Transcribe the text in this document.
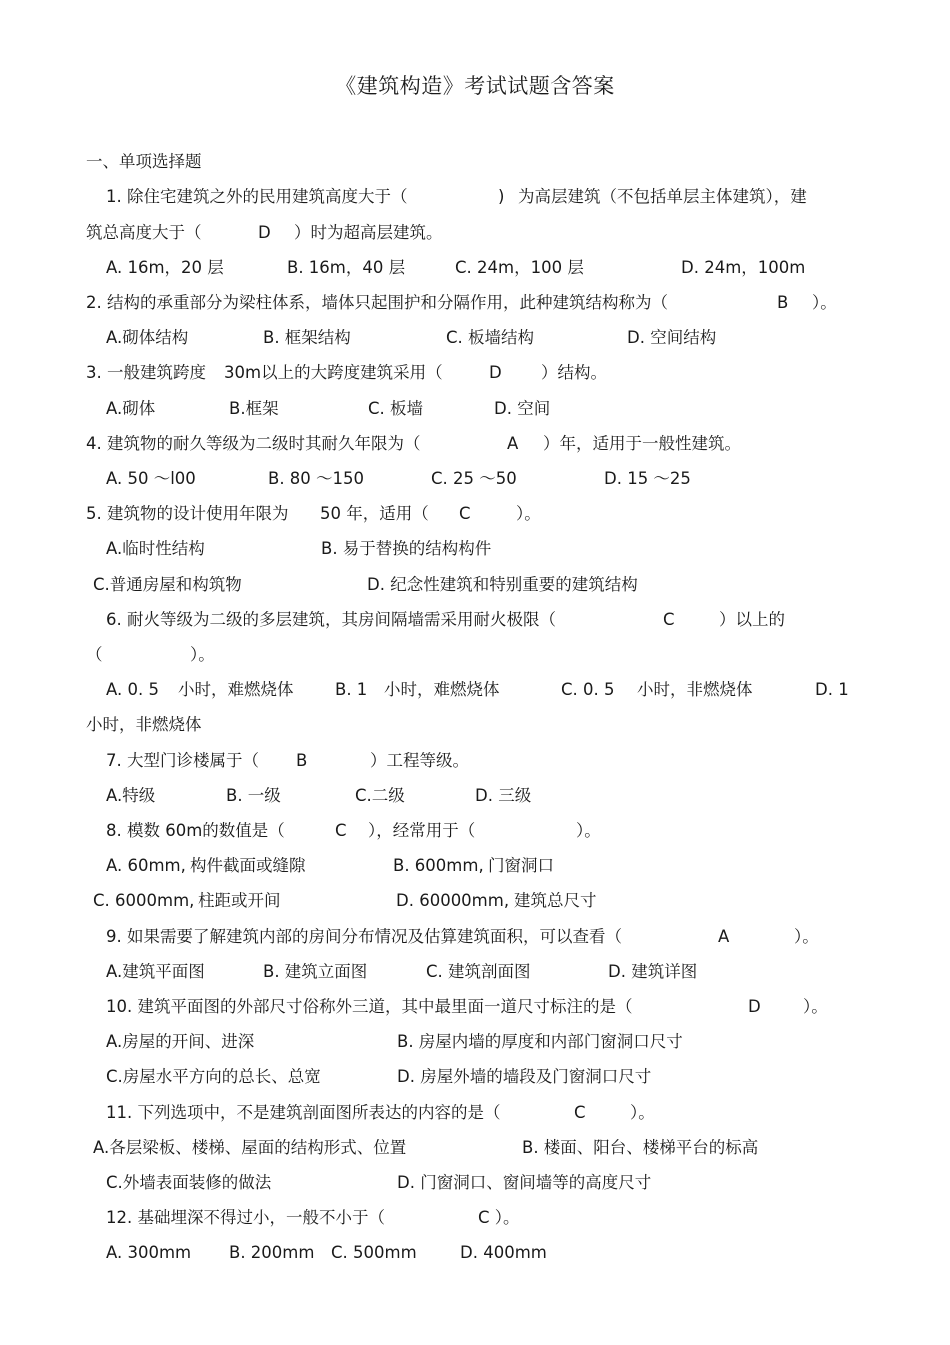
《建筑构造》考试试题含答案
一、单项选择题
1. 除住宅建筑之外的民用建筑高度大于（	) 为高层建筑（不包括单层主体建筑），建
筑总高度大于（	D ）时为超高层建筑。
A. 16m，20 层	B. 16m，40 层	C. 24m，100 层	D. 24m，100m
2. 结构的承重部分为梁柱体系，墙体只起围护和分隔作用，此种建筑结构称为（	B ）。
A.砌体结构	B. 框架结构	C. 板墙结构	D. 空间结构
3. 一般建筑跨度 30m以上的大跨度建筑采用（	D ）结构。
A.砌体	B.框架	C. 板墙	D. 空间
4. 建筑物的耐久等级为二级时其耐久年限为（	A ）年，适用于一般性建筑。
A. 50 ～l00	B. 80 ～150	C. 25 ～50	D. 15 ～25
5. 建筑物的设计使用年限为 50 年，适用（ C	）。
A.临时性结构	B. 易于替换的结构构件
C.普通房屋和构筑物	D. 纪念性建筑和特别重要的建筑结构
6. 耐火等级为二级的多层建筑，其房间隔墙需采用耐火极限（	C	）以上的
（	）。
A. 0. 5 小时，难燃烧体	B. 1 小时，难燃烧体	C. 0. 5 小时，非燃烧体	D. 1
小时，非燃烧体
7. 大型门诊楼属于（ B	）工程等级。
A.特级	B. 一级	C.二级	D. 三级
8. 模数 60m的数值是（	C ），经常用于（	）。
A. 60mm, 构件截面或缝隙	B. 600mm, 门窗洞口
C. 6000mm, 柱距或开间	D. 60000mm, 建筑总尺寸
9. 如果需要了解建筑内部的房间分布情况及估算建筑面积，可以查看（	A	）。
A.建筑平面图	B. 建筑立面图	C. 建筑剖面图	D. 建筑详图
10. 建筑平面图的外部尺寸俗称外三道，其中最里面一道尺寸标注的是（	D	）。
A.房屋的开间、进深	B. 房屋内墙的厚度和内部门窗洞口尺寸
C.房屋水平方向的总长、总宽	D. 房屋外墙的墙段及门窗洞口尺寸
11. 下列选项中，不是建筑剖面图所表达的内容的是（	C	）。
A.各层梁板、楼梯、屋面的结构形式、位置	B. 楼面、阳台、楼梯平台的标高
C.外墙表面装修的做法	D. 门窗洞口、窗间墙等的高度尺寸
12. 基础埋深不得过小，一般不小于（	C ）。
A. 300mm B. 200mm C. 500mm	D. 400mm
